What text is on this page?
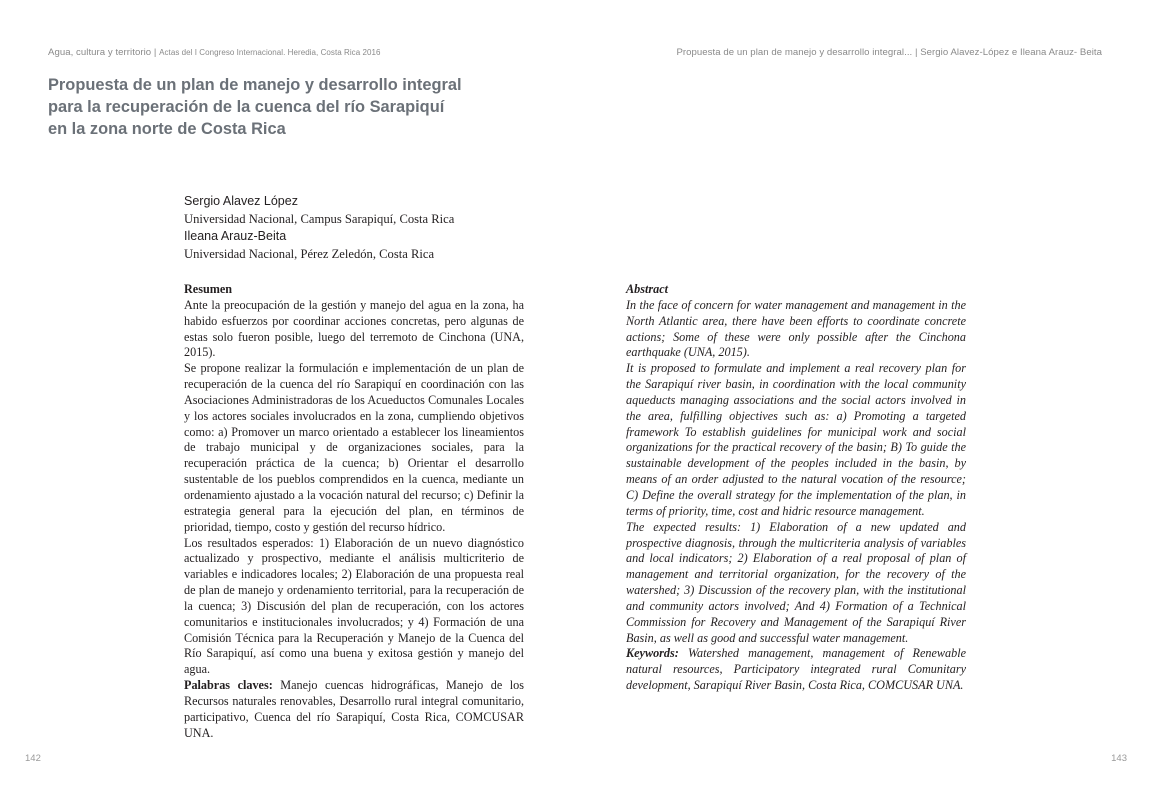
Agua, cultura y territorio | Actas del I Congreso Internacional. Heredia, Costa Rica 2016
Propuesta de un plan de manejo y desarrollo integral
para la recuperación de la cuenca del río Sarapiquí
en la zona norte de Costa Rica
Sergio Alavez López
Universidad Nacional, Campus Sarapiquí, Costa Rica
Ileana Arauz-Beita
Universidad Nacional, Pérez Zeledón, Costa Rica

Resumen

Ante la preocupación de la gestión y manejo del agua en la zona, ha habido esfuerzos por coordinar acciones concretas, pero algunas de estas solo fueron posible, luego del terremoto de Cinchona (UNA, 2015).

Se propone realizar la formulación e implementación de un plan de recuperación de la cuenca del río Sarapiquí en coordinación con las Asociaciones Administradoras de los Acueductos Comunales Locales y los actores sociales involucrados en la zona, cumpliendo objetivos como: a) Promover un marco orientado a establecer los lineamientos de trabajo municipal y de organizaciones sociales, para la recuperación práctica de la cuenca; b) Orientar el desarrollo sustentable de los pueblos comprendidos en la cuenca, mediante un ordenamiento ajustado a la vocación natural del recurso; c) Definir la estrategia general para la ejecución del plan, en términos de prioridad, tiempo, costo y gestión del recurso hídrico.

Los resultados esperados: 1) Elaboración de un nuevo diagnóstico actualizado y prospectivo, mediante el análisis multicriterio de variables e indicadores locales; 2) Elaboración de una propuesta real de plan de manejo y ordenamiento territorial, para la recuperación de la cuenca; 3) Discusión del plan de recuperación, con los actores comunitarios e institucionales involucrados; y 4) Formación de una Comisión Técnica para la Recuperación y Manejo de la Cuenca del Río Sarapiquí, así como una buena y exitosa gestión y manejo del agua.

Palabras claves: Manejo cuencas hidrográficas, Manejo de los Recursos naturales renovables, Desarrollo rural integral comunitario, participativo, Cuenca del río Sarapiquí, Costa Rica, COMCUSAR UNA.

142
Propuesta de un plan de manejo y desarrollo integral... | Sergio Alavez-López e Ileana Arauz- Beita

Abstract

In the face of concern for water management and management in the North Atlantic area, there have been efforts to coordinate concrete actions; Some of these were only possible after the Cinchona earthquake (UNA, 2015).

It is proposed to formulate and implement a real recovery plan for the Sarapiquí river basin, in coordination with the local community aqueducts managing associations and the social actors involved in the area, fulfilling objectives such as: a) Promoting a targeted framework To establish guidelines for municipal work and social organizations for the practical recovery of the basin; B) To guide the sustainable development of the peoples included in the basin, by means of an order adjusted to the natural vocation of the resource; C) Define the overall strategy for the implementation of the plan, in terms of priority, time, cost and hidric resource management.

The expected results: 1) Elaboration of a new updated and prospective diagnosis, through the multicriteria analysis of variables and local indicators; 2) Elaboration of a real proposal of plan of management and territorial organization, for the recovery of the watershed; 3) Discussion of the recovery plan, with the institutional and community actors involved; And 4) Formation of a Technical Commission for Recovery and Management of the Sarapiquí River Basin, as well as good and successful water management.

Keywords: Watershed management, management of Renewable natural resources, Participatory integrated rural Comunitary development, Sarapiquí River Basin, Costa Rica, COMCUSAR UNA.

143
